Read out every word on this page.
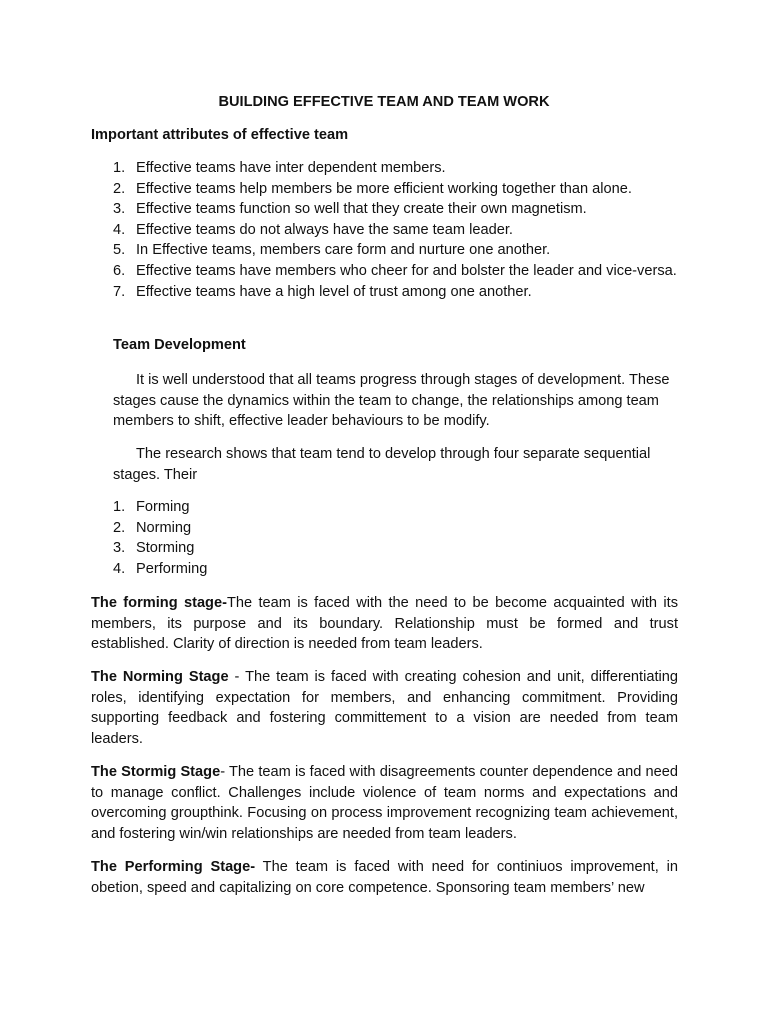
BUILDING EFFECTIVE TEAM AND TEAM WORK
Important attributes of effective team
1. Effective teams have inter dependent members.
2. Effective teams help members be more efficient working together than alone.
3. Effective teams function so well that they create their own magnetism.
4. Effective teams do not always have the same team leader.
5. In Effective teams, members care form and nurture one another.
6. Effective teams have members who cheer for and bolster the leader and vice-versa.
7. Effective teams have a high level of trust among one another.
Team Development

It is well understood that all teams progress through stages of development. These stages cause the dynamics within the team to change, the relationships among team members to shift, effective leader behaviours to be modify.

The research shows that team tend to develop through four separate sequential stages. Their

1. Forming
2. Norming
3. Storming
4. Performing

The forming stage-The team is faced with the need to be become acquainted with its members, its purpose and its boundary. Relationship must be formed and trust established. Clarity of direction is needed from team leaders.

The Norming Stage - The team is faced with creating cohesion and unit, differentiating roles, identifying expectation for members, and enhancing commitment. Providing supporting feedback and fostering committement to a vision are needed from team leaders.

The Stormig Stage- The team is faced with disagreements counter dependence and need to manage conflict. Challenges include violence of team norms and expectations and overcoming groupthink. Focusing on process improvement recognizing team achievement, and fostering win/win relationships are needed from team leaders.

The Performing Stage- The team is faced with need for continiuos improvement, in obetion, speed and capitalizing on core competence. Sponsoring team members’ new
